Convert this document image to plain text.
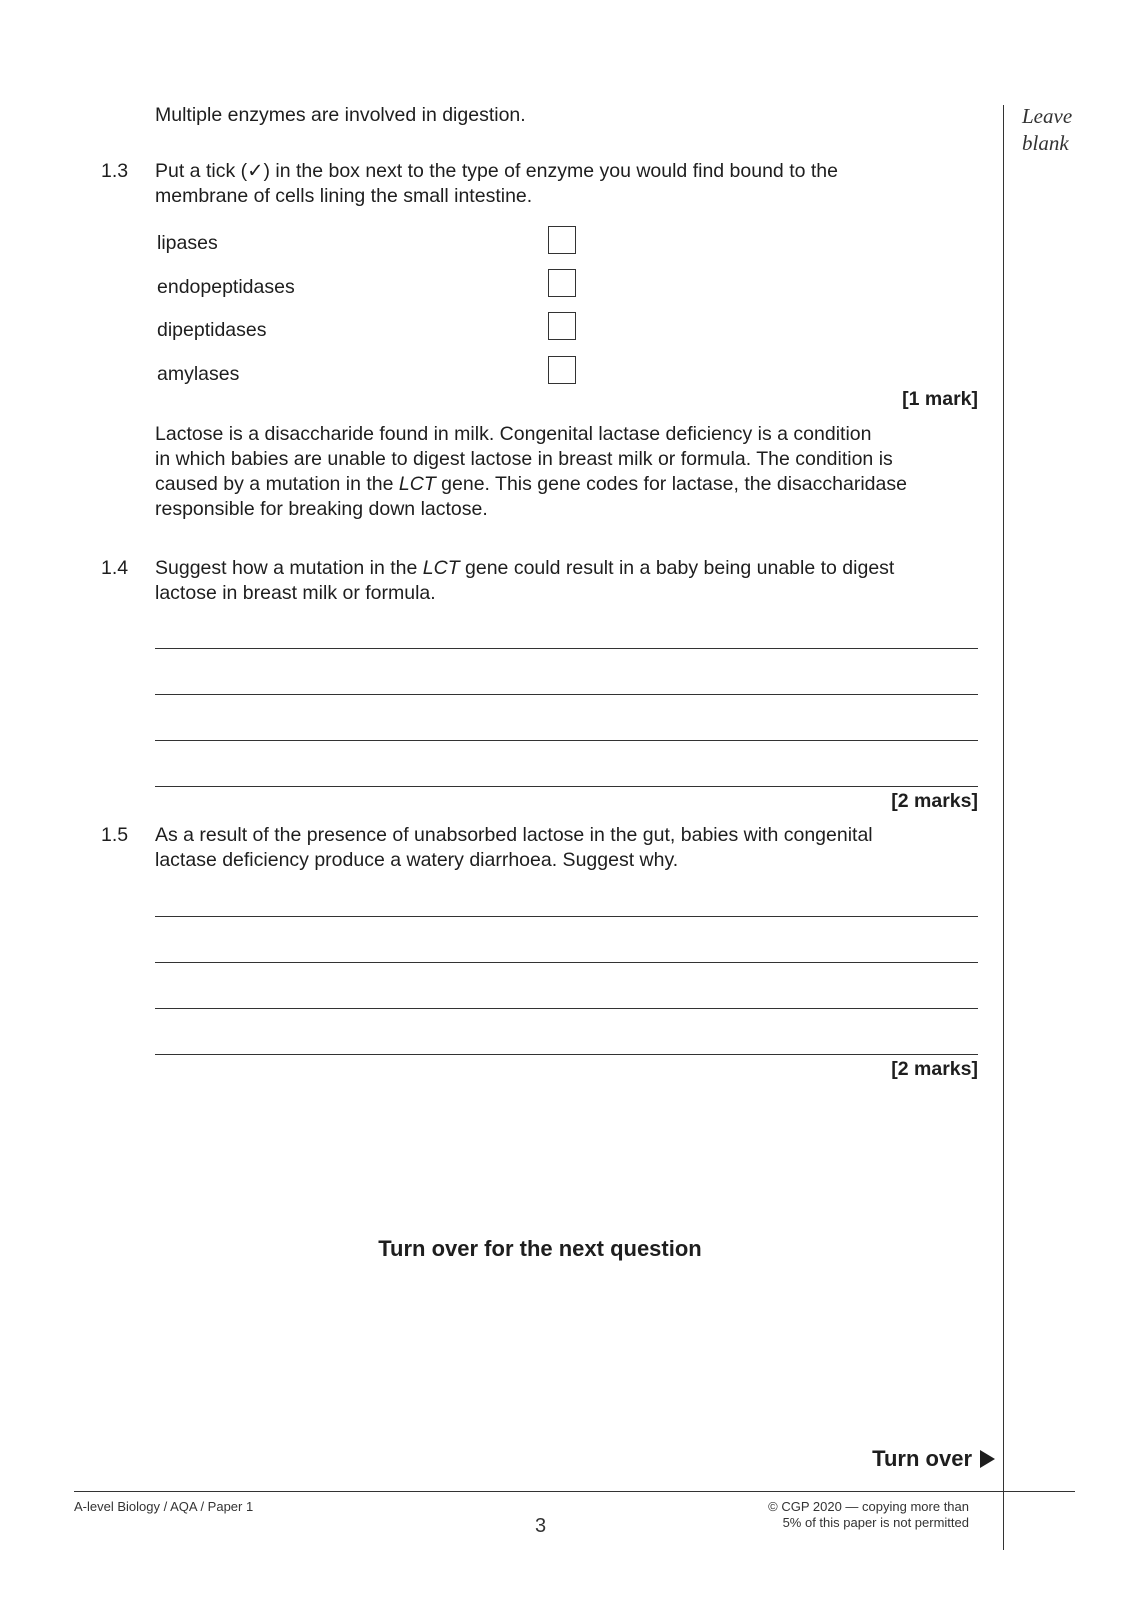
Leave
blank
Multiple enzymes are involved in digestion.
1.3 Put a tick (✓) in the box next to the type of enzyme you would find bound to the
membrane of cells lining the small intestine.
lipases
endopeptidases
dipeptidases
amylases
[1 mark]
Lactose is a disaccharide found in milk. Congenital lactase deficiency is a condition
in which babies are unable to digest lactose in breast milk or formula. The condition is
caused by a mutation in the LCT gene. This gene codes for lactase, the disaccharidase
responsible for breaking down lactose.
1.4 Suggest how a mutation in the LCT gene could result in a baby being unable to digest
lactose in breast milk or formula.
[2 marks]
1.5 As a result of the presence of unabsorbed lactose in the gut, babies with congenital
lactase deficiency produce a watery diarrhoea. Suggest why.
[2 marks]
Turn over for the next question
Turn over
A-level Biology / AQA / Paper 1
3
© CGP 2020 — copying more than
5% of this paper is not permitted
